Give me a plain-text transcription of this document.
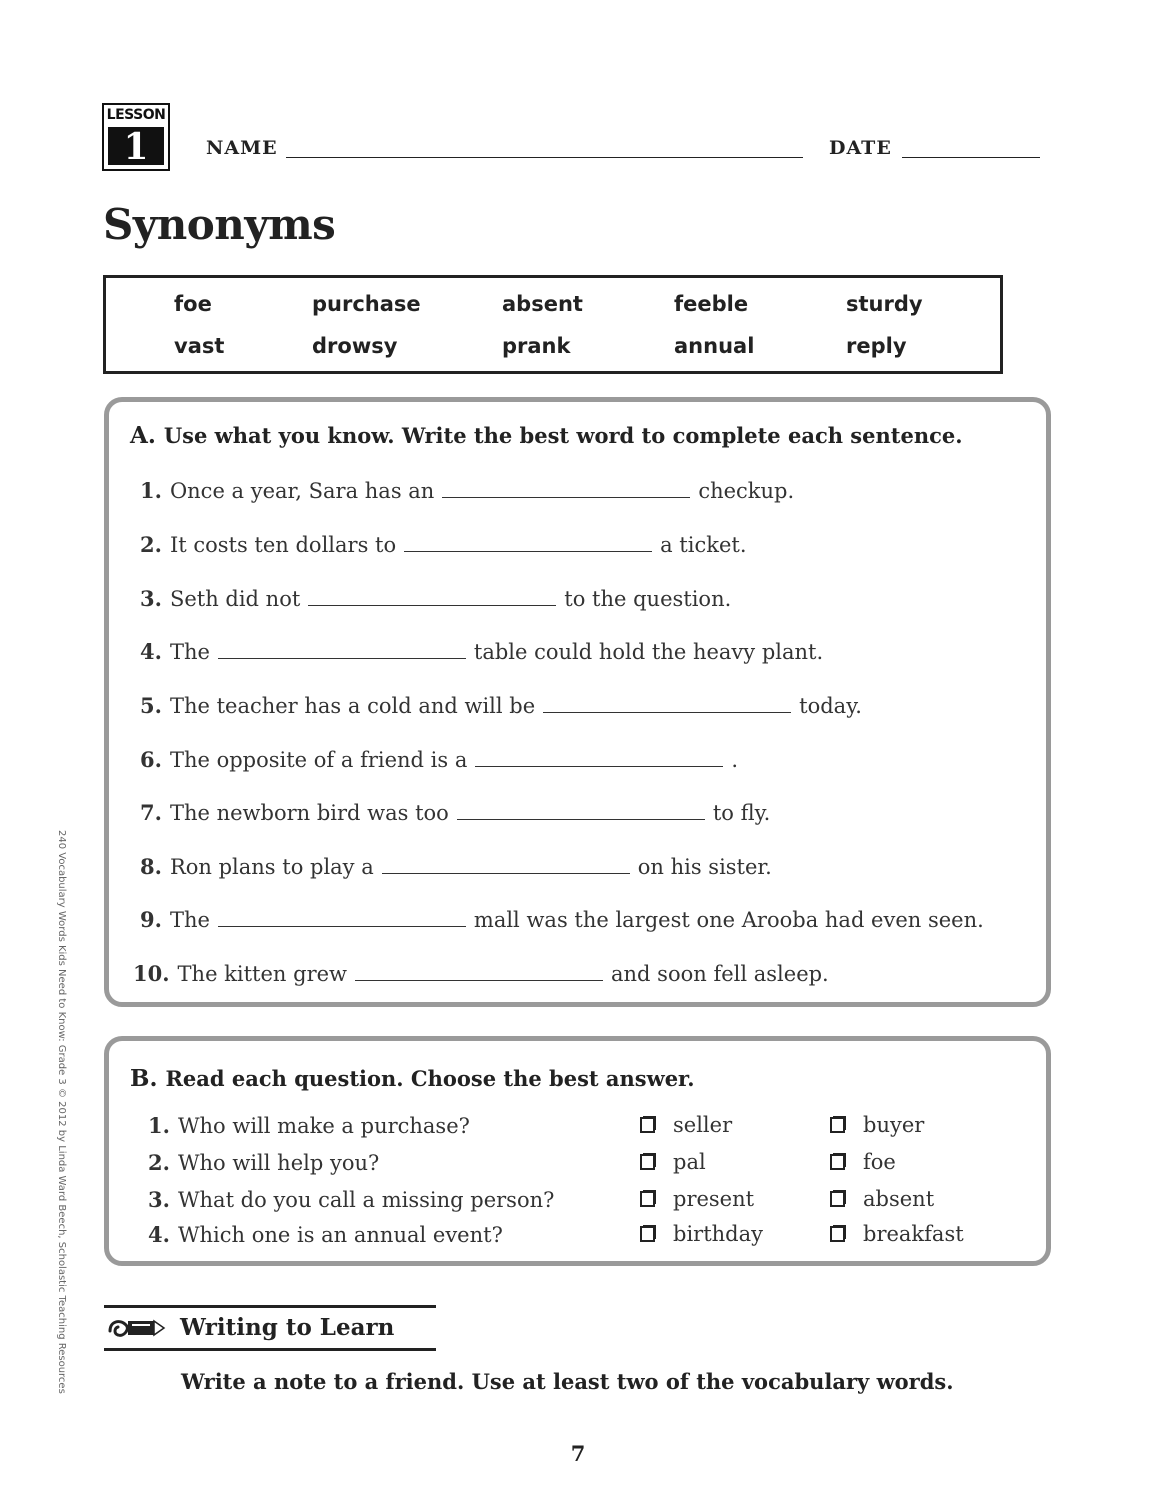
LESSON
1	NAME	DATE
Synonyms
foe	purchase	absent	feeble	sturdy
vast	drowsy	prank	annual	reply
A. Use what you know. Write the best word to complete each sentence.
1. Once a year, Sara has an	checkup.
2. It costs ten dollars to	a ticket.
3. Seth did not	to the question.
4. The	table could hold the heavy plant.
5. The teacher has a cold and will be	today.
6. The opposite of a friend is a	.
7. The newborn bird was too	to fly.
8. Ron plans to play a	on his sister.
9. The	mall was the largest one Arooba had even seen.
10. The kitten grew	and soon fell asleep.
B. Read each question. Choose the best answer.
1. Who will make a purchase?	seller	buyer
2. Who will help you?	pal	foe
3. What do you call a missing person?	present	absent
4. Which one is an annual event?	birthday	breakfast
Writing to Learn
Write a note to a friend. Use at least two of the vocabulary words.
240 Vocabulary Words Kids Need to Know: Grade 3 © 2012 by Linda Ward Beech, Scholastic Teaching Resources
7
